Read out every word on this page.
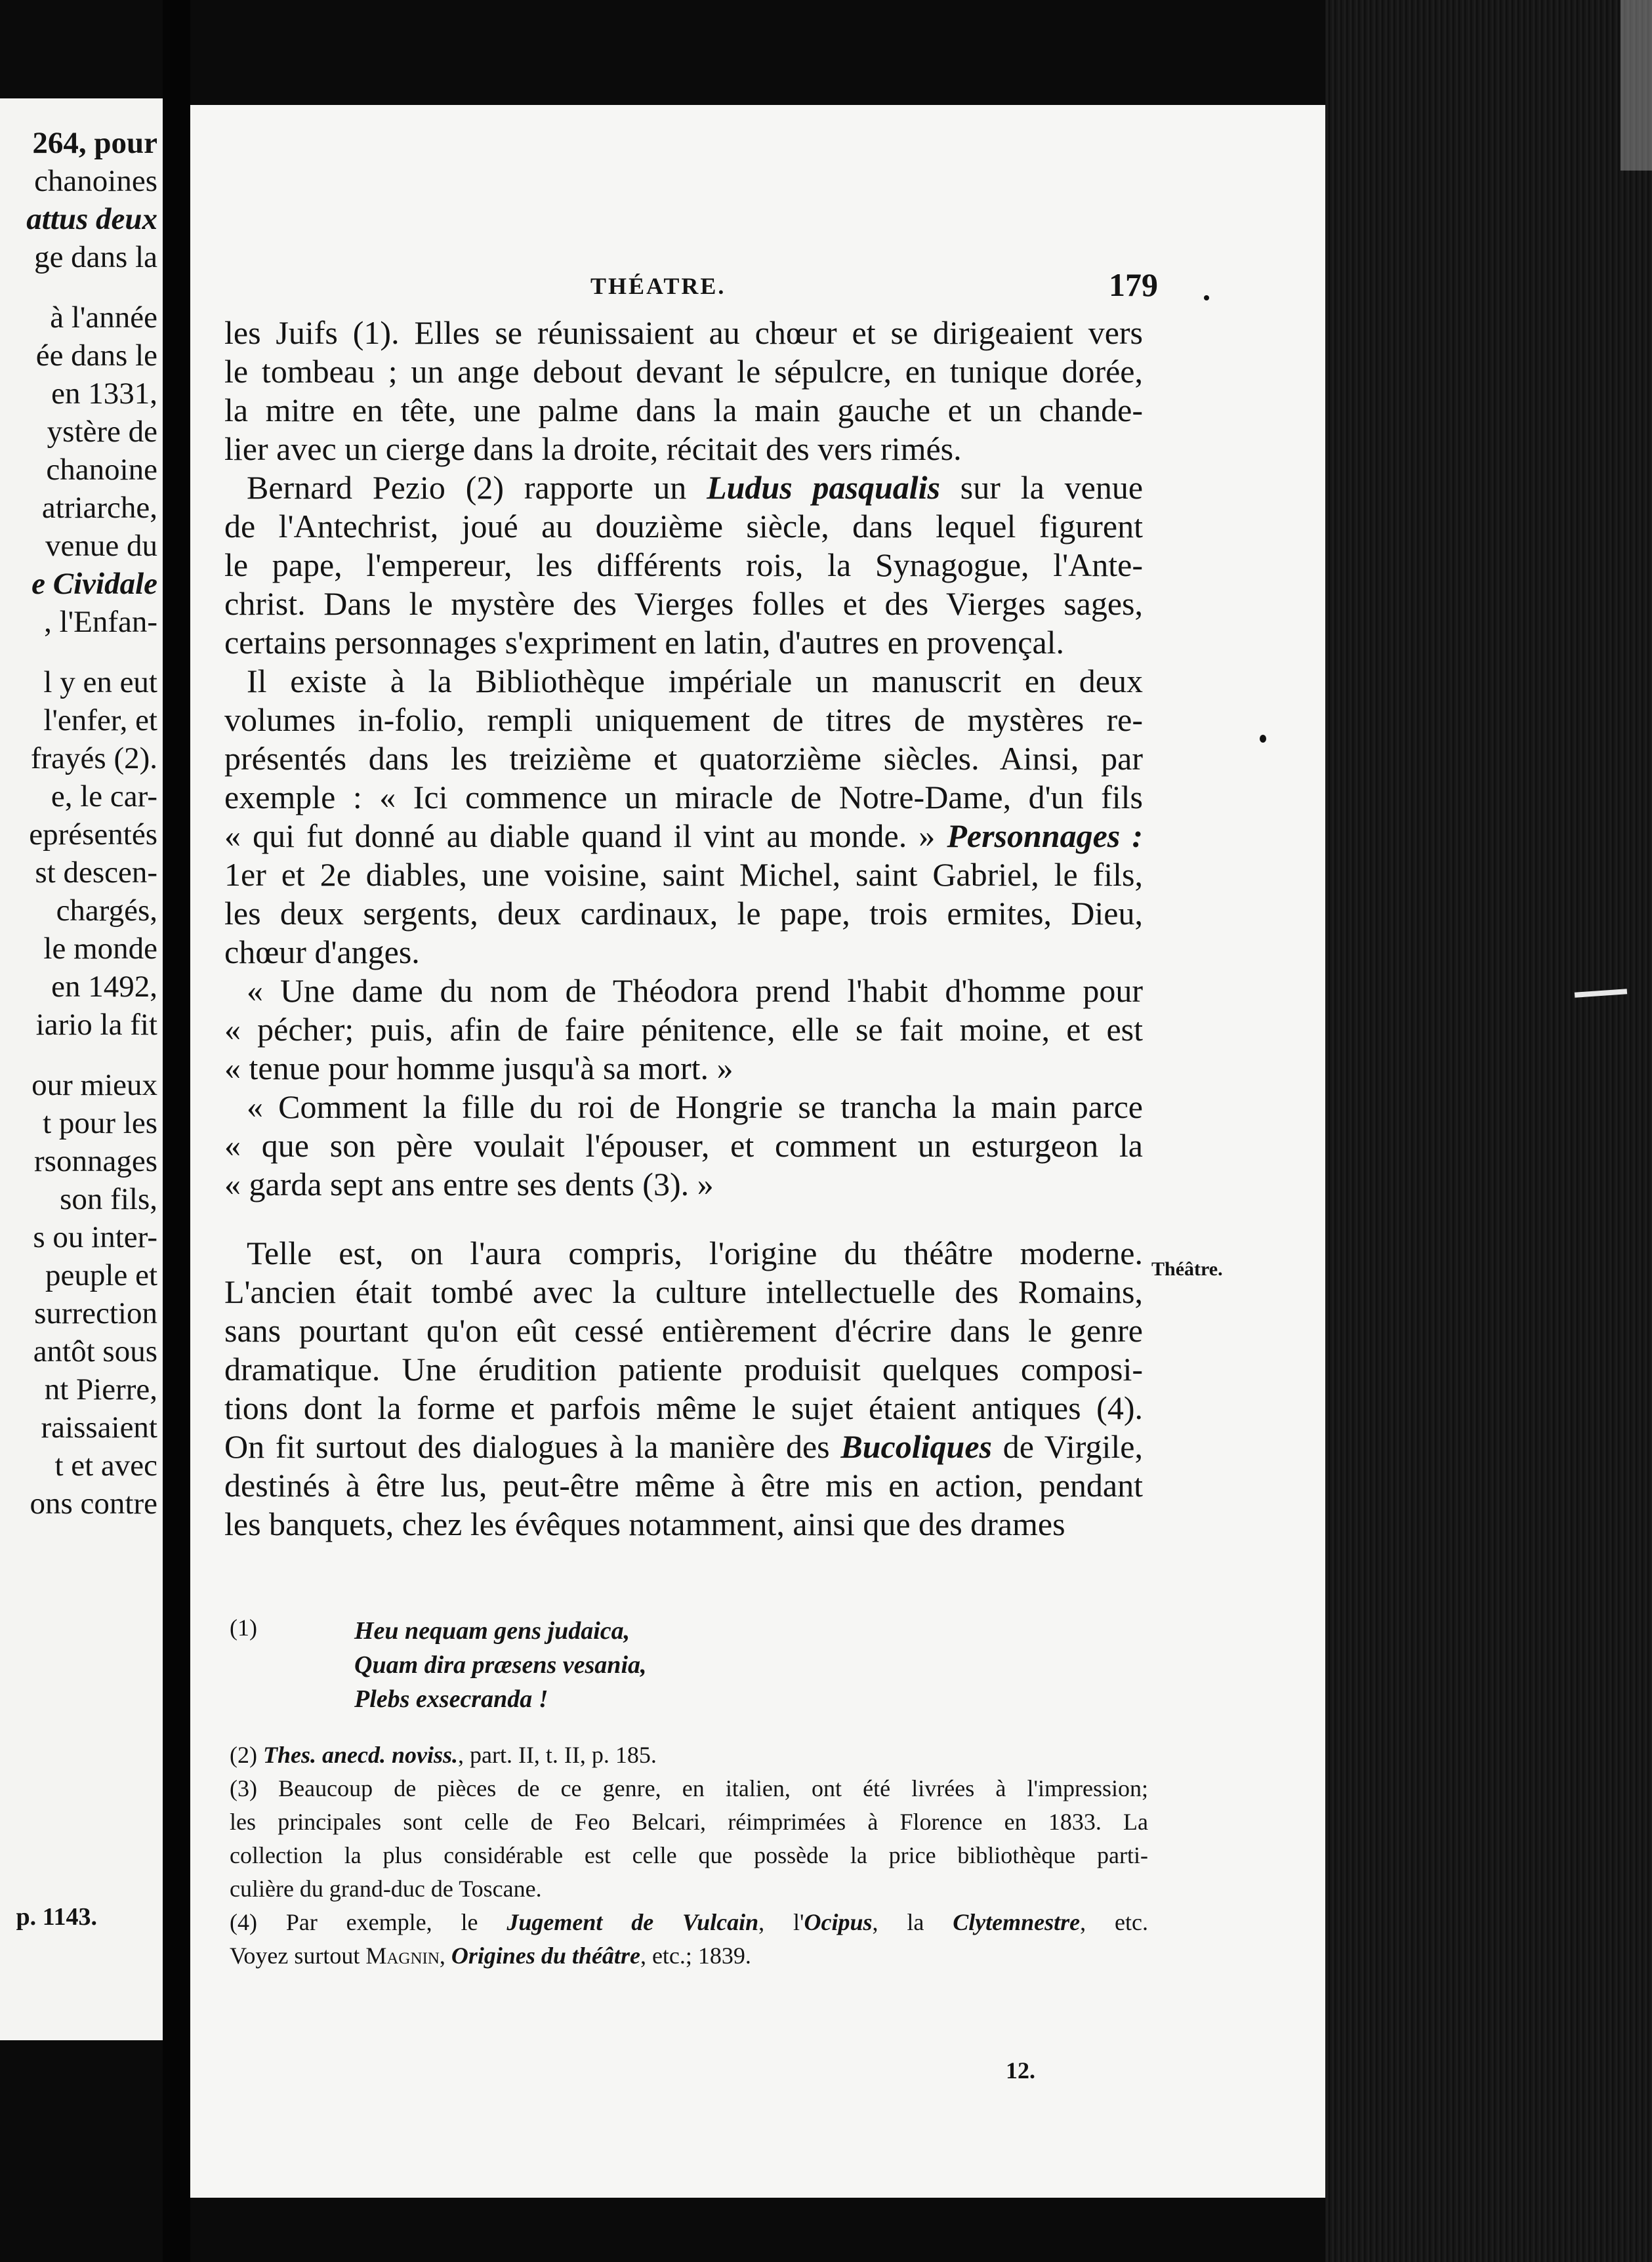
264, pour
chanoines
attus deux
ge dans la
à l'année
ée dans le
en 1331,
ystère de
chanoine
atriarche,
venue du
e Cividale
, l'Enfan-
l y en eut
l'enfer, et
frayés (2).
e, le car-
eprésentés
st descen-
chargés,
le monde
en 1492,
iario la fit
our mieux
t pour les
rsonnages
son fils,
s ou inter-
peuple et
surrection
antôt sous
nt Pierre,
raissaient
t et avec
ons contre
p. 1143.
THÉATRE.	179
les Juifs (1). Elles se réunissaient au chœur et se dirigeaient vers
le tombeau ; un ange debout devant le sépulcre, en tunique dorée,
la mitre en tête, une palme dans la main gauche et un chande-
lier avec un cierge dans la droite, récitait des vers rimés.
Bernard Pezio (2) rapporte un Ludus pasqualis sur la venue
de l'Antechrist, joué au douzième siècle, dans lequel figurent
le pape, l'empereur, les différents rois, la Synagogue, l'Ante-
christ. Dans le mystère des Vierges folles et des Vierges sages,
certains personnages s'expriment en latin, d'autres en provençal.
Il existe à la Bibliothèque impériale un manuscrit en deux
volumes in-folio, rempli uniquement de titres de mystères re-
présentés dans les treizième et quatorzième siècles. Ainsi, par
exemple : « Ici commence un miracle de Notre-Dame, d'un fils
« qui fut donné au diable quand il vint au monde. » Personnages :
1er et 2e diables, une voisine, saint Michel, saint Gabriel, le fils,
les deux sergents, deux cardinaux, le pape, trois ermites, Dieu,
chœur d'anges.
« Une dame du nom de Théodora prend l'habit d'homme pour
« pécher; puis, afin de faire pénitence, elle se fait moine, et est
« tenue pour homme jusqu'à sa mort. »
« Comment la fille du roi de Hongrie se trancha la main parce
« que son père voulait l'épouser, et comment un esturgeon la
« garda sept ans entre ses dents (3). »
Telle est, on l'aura compris, l'origine du théâtre moderne.
L'ancien était tombé avec la culture intellectuelle des Romains,
sans pourtant qu'on eût cessé entièrement d'écrire dans le genre
dramatique. Une érudition patiente produisit quelques composi-
tions dont la forme et parfois même le sujet étaient antiques (4).
On fit surtout des dialogues à la manière des Bucoliques de Virgile,
destinés à être lus, peut-être même à être mis en action, pendant
les banquets, chez les évêques notamment, ainsi que des drames
Théâtre.
(1)	Heu nequam gens judaica,
Quam dira præsens vesania,
Plebs exsecranda !
(2) Thes. anecd. noviss., part. II, t. II, p. 185.
(3) Beaucoup de pièces de ce genre, en italien, ont été livrées à l'impression;
les principales sont celle de Feo Belcari, réimprimées à Florence en 1833. La
collection la plus considérable est celle que possède la price bibliothèque parti-
culière du grand-duc de Toscane.
(4) Par exemple, le Jugement de Vulcain, l'Ocipus, la Clytemnestre, etc.
Voyez surtout Magnin, Origines du théâtre, etc.; 1839.
12.
